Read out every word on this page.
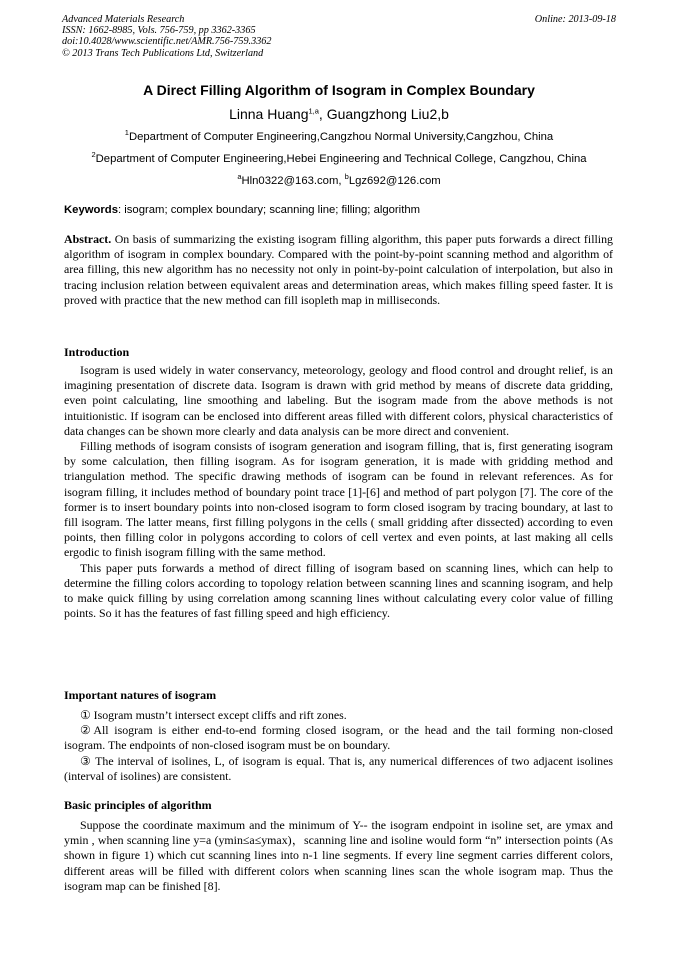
Advanced Materials Research
ISSN: 1662-8985, Vols. 756-759, pp 3362-3365
doi:10.4028/www.scientific.net/AMR.756-759.3362
© 2013 Trans Tech Publications Ltd, Switzerland
Online: 2013-09-18
A Direct Filling Algorithm of Isogram in Complex Boundary
Linna Huang$^{1,a}$, Guangzhong Liu2,b
$^1$Department of Computer Engineering,Cangzhou Normal University,Cangzhou, China
$^2$Department of Computer Engineering,Hebei Engineering and Technical College, Cangzhou, China
$^a$Hln0322@163.com, $^b$Lgz692@126.com
Keywords: isogram; complex boundary; scanning line; filling; algorithm

Abstract. On basis of summarizing the existing isogram filling algorithm, this paper puts forwards a direct filling algorithm of isogram in complex boundary. Compared with the point-by-point scanning method and algorithm of area filling, this new algorithm has no necessity not only in point-by-point calculation of interpolation, but also in tracing inclusion relation between equivalent areas and determination areas, which makes filling speed faster. It is proved with practice that the new method can fill isopleth map in milliseconds.

Introduction

Isogram is used widely in water conservancy, meteorology, geology and flood control and drought relief, is an imagining presentation of discrete data. Isogram is drawn with grid method by means of discrete data gridding, even point calculating, line smoothing and labeling. But the isogram made from the above methods is not intuitionistic. If isogram can be enclosed into different areas filled with different colors, physical characteristics of data changes can be shown more clearly and data analysis can be more direct and convenient.

Filling methods of isogram consists of isogram generation and isogram filling, that is, first generating isogram by some calculation, then filling isogram. As for isogram generation, it is made with gridding method and triangulation method. The specific drawing methods of isogram can be found in relevant references. As for isogram filling, it includes method of boundary point trace [1]-[6] and method of part polygon [7]. The core of the former is to insert boundary points into non-closed isogram to form closed isogram by tracing boundary, at last to fill isogram. The latter means, first filling polygons in the cells ( small gridding after dissected) according to even points, then filling color in polygons according to colors of cell vertex and even points, at last making all cells ergodic to finish isogram filling with the same method.

This paper puts forwards a method of direct filling of isogram based on scanning lines, which can help to determine the filling colors according to topology relation between scanning lines and scanning isogram, and help to make quick filling by using correlation among scanning lines without calculating every color value of filling points. So it has the features of fast filling speed and high efficiency.

Important natures of isogram

① Isogram mustn’t intersect except cliffs and rift zones.

②All isogram is either end-to-end forming closed isogram, or the head and the tail forming non-closed isogram. The endpoints of non-closed isogram must be on boundary.

③ The interval of isolines, L, of isogram is equal. That is, any numerical differences of two adjacent isolines (interval of isolines) are consistent.

Basic principles of algorithm

Suppose the coordinate maximum and the minimum of Y-- the isogram endpoint in isoline set, are ymax and ymin , when scanning line y=a (ymin≤a≤ymax)，scanning line and isoline would form “n” intersection points (As shown in figure 1) which cut scanning lines into n-1 line segments. If every line segment carries different colors, different areas will be filled with different colors when scanning lines scan the whole isogram map. Thus the isogram map can be finished [8].
